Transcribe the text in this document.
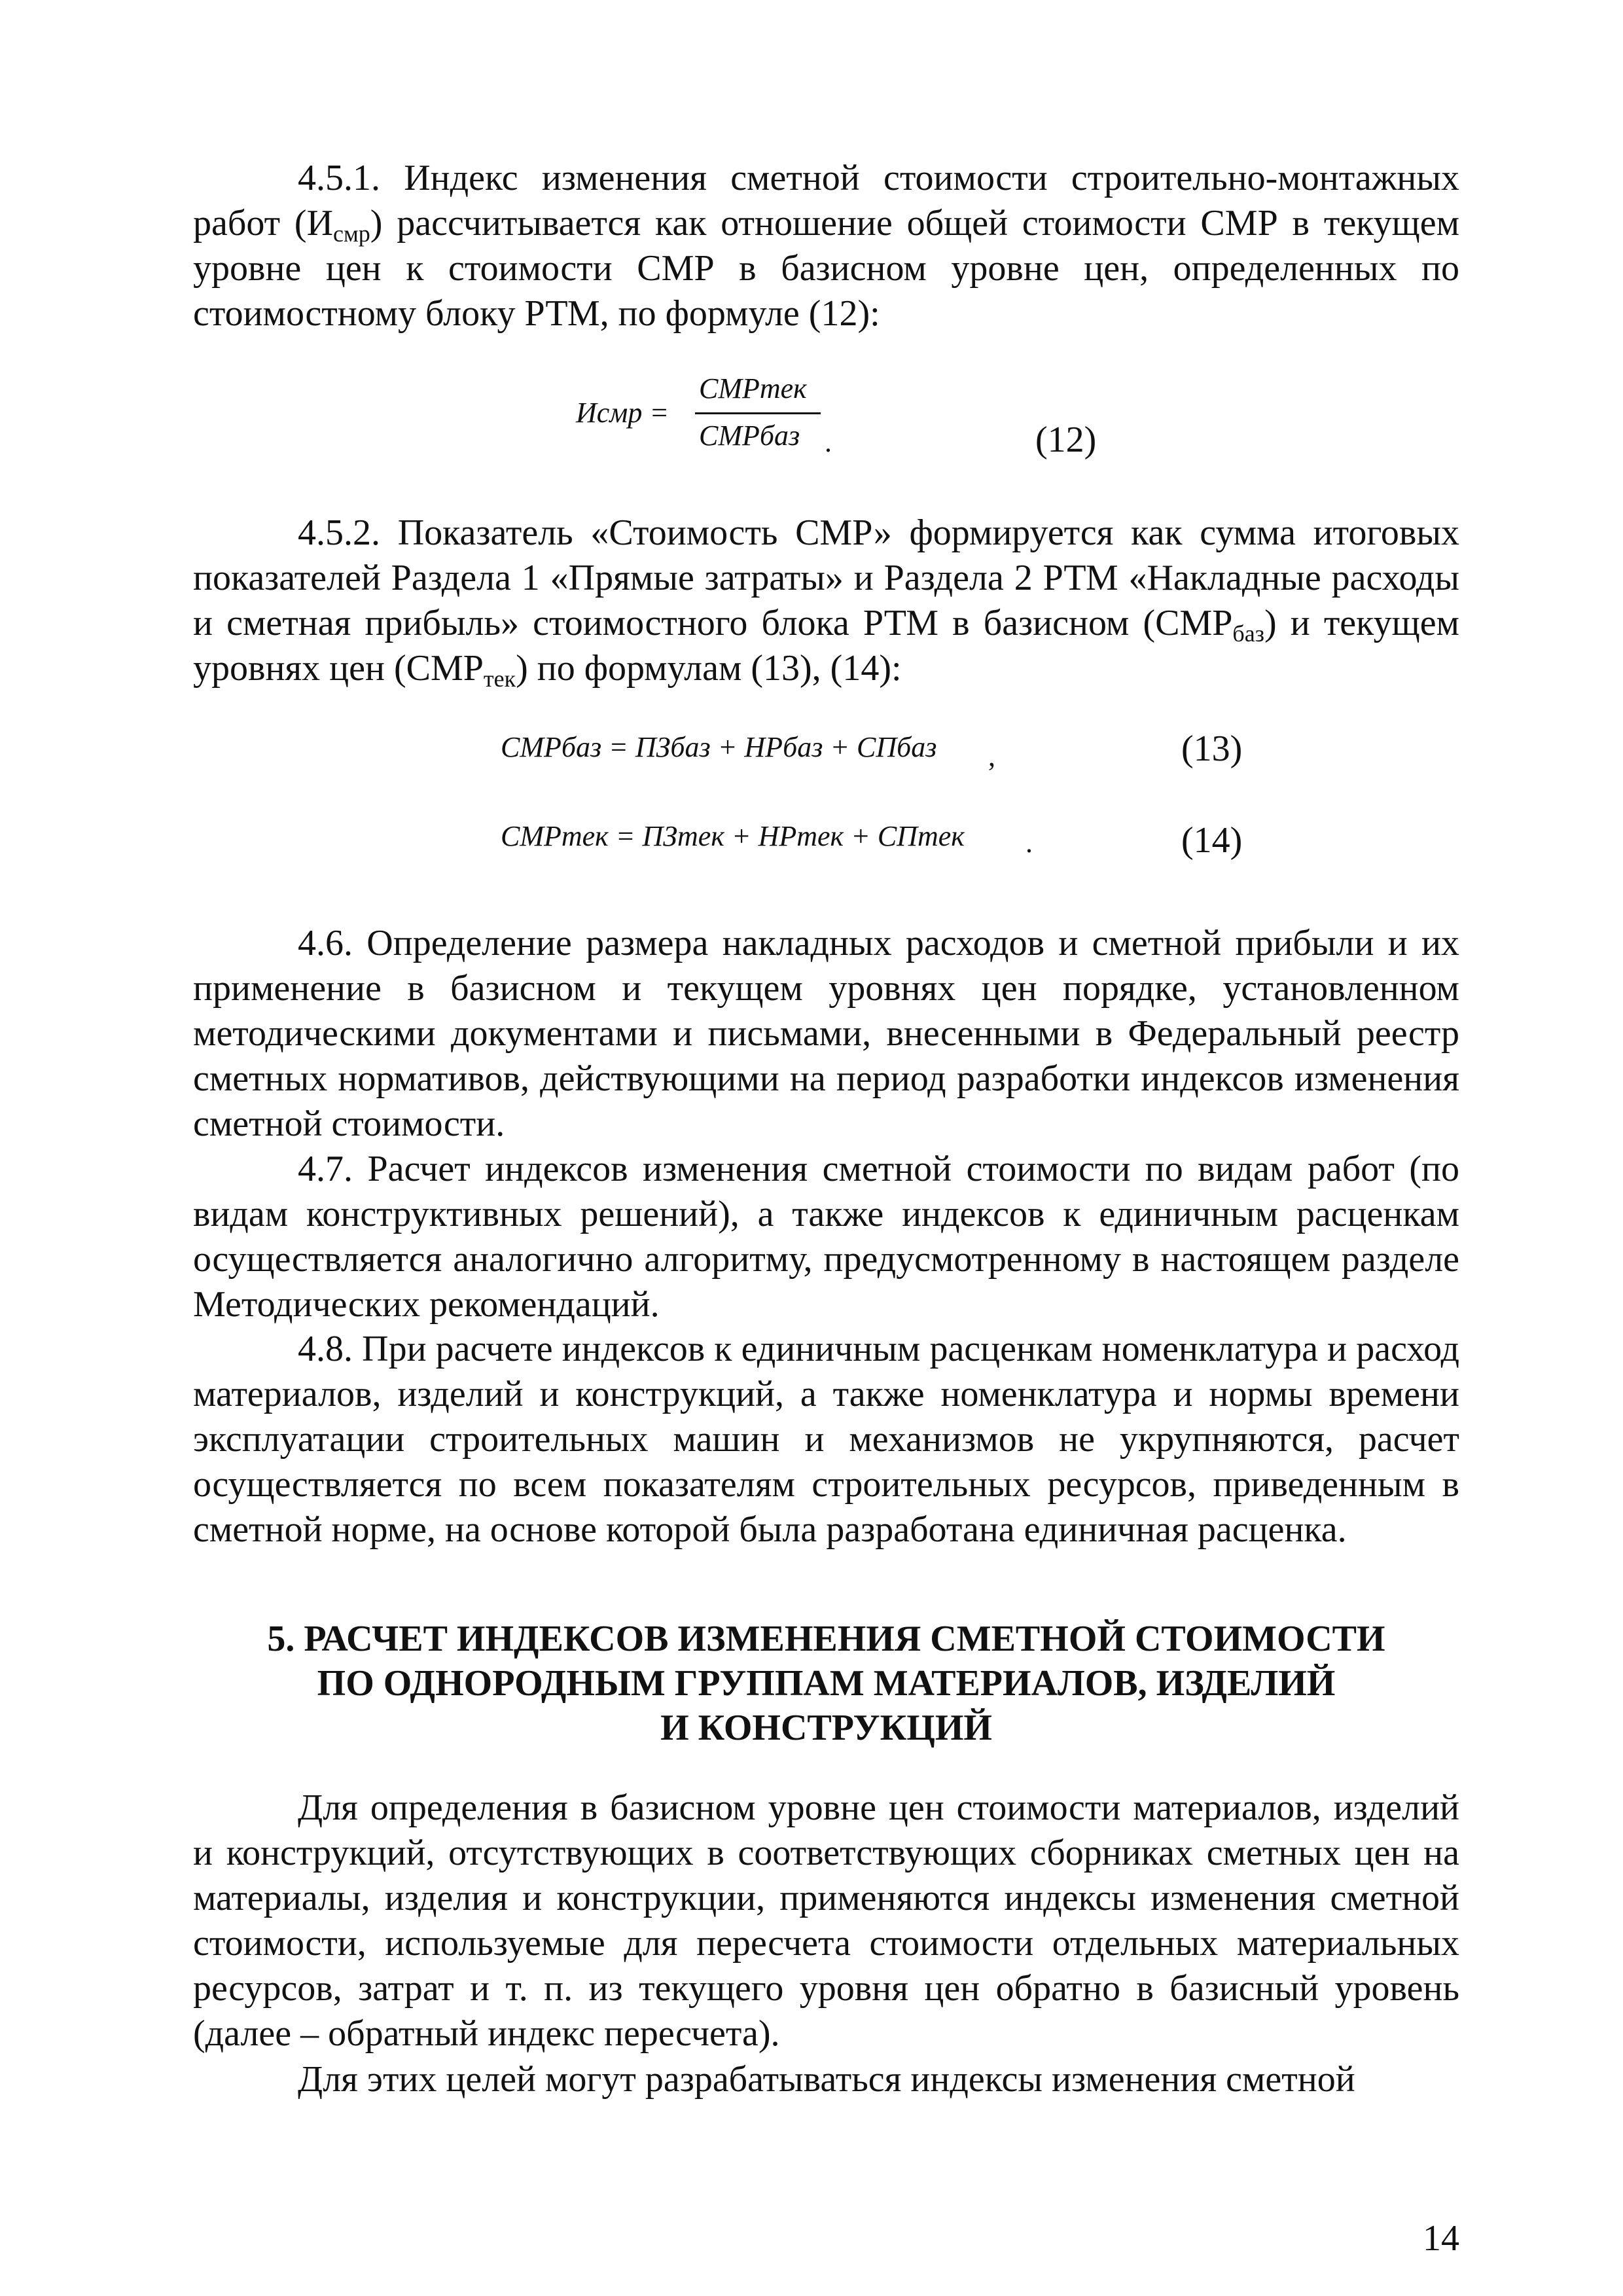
4.5.1. Индекс изменения сметной стоимости строительно-монтажных работ $(И_{смр})$ рассчитывается как отношение общей стоимости СМР в текущем уровне цен к стоимости СМР в базисном уровне цен, определенных по стоимостному блоку РТМ, по формуле (12):

Исмр =
СМРтек
СМРбаз .	(12)

4.5.2. Показатель «Стоимость СМР» формируется как сумма итоговых показателей Раздела 1 «Прямые затраты» и Раздела 2 РТМ «Накладные расходы и сметная прибыль» стоимостного блока РТМ в базисном $(СМР_{баз})$ и текущем уровнях цен $(СМР_{тек})$ по формулам (13), (14):

СМРбаз = ПЗбаз + НРбаз + СПбаз ,	(13)
СМРтек = ПЗтек + НРтек + СПтек .	(14)

4.6. Определение размера накладных расходов и сметной прибыли и их применение в базисном и текущем уровнях цен порядке, установленном методическими документами и письмами, внесенными в Федеральный реестр сметных нормативов, действующими на период разработки индексов изменения сметной стоимости.

4.7. Расчет индексов изменения сметной стоимости по видам работ (по видам конструктивных решений), а также индексов к единичным расценкам осуществляется аналогично алгоритму, предусмотренному в настоящем разделе Методических рекомендаций.

4.8. При расчете индексов к единичным расценкам номенклатура и расход материалов, изделий и конструкций, а также номенклатура и нормы времени эксплуатации строительных машин и механизмов не укрупняются, расчет осуществляется по всем показателям строительных ресурсов, приведенным в сметной норме, на основе которой была разработана единичная расценка.

5. РАСЧЕТ ИНДЕКСОВ ИЗМЕНЕНИЯ СМЕТНОЙ СТОИМОСТИ
ПО ОДНОРОДНЫМ ГРУППАМ МАТЕРИАЛОВ, ИЗДЕЛИЙ
И КОНСТРУКЦИЙ

Для определения в базисном уровне цен стоимости материалов, изделий и конструкций, отсутствующих в соответствующих сборниках сметных цен на материалы, изделия и конструкции, применяются индексы изменения сметной стоимости, используемые для пересчета стоимости отдельных материальных ресурсов, затрат и т. п. из текущего уровня цен обратно в базисный уровень (далее – обратный индекс пересчета).

Для этих целей могут разрабатываться индексы изменения сметной

14
